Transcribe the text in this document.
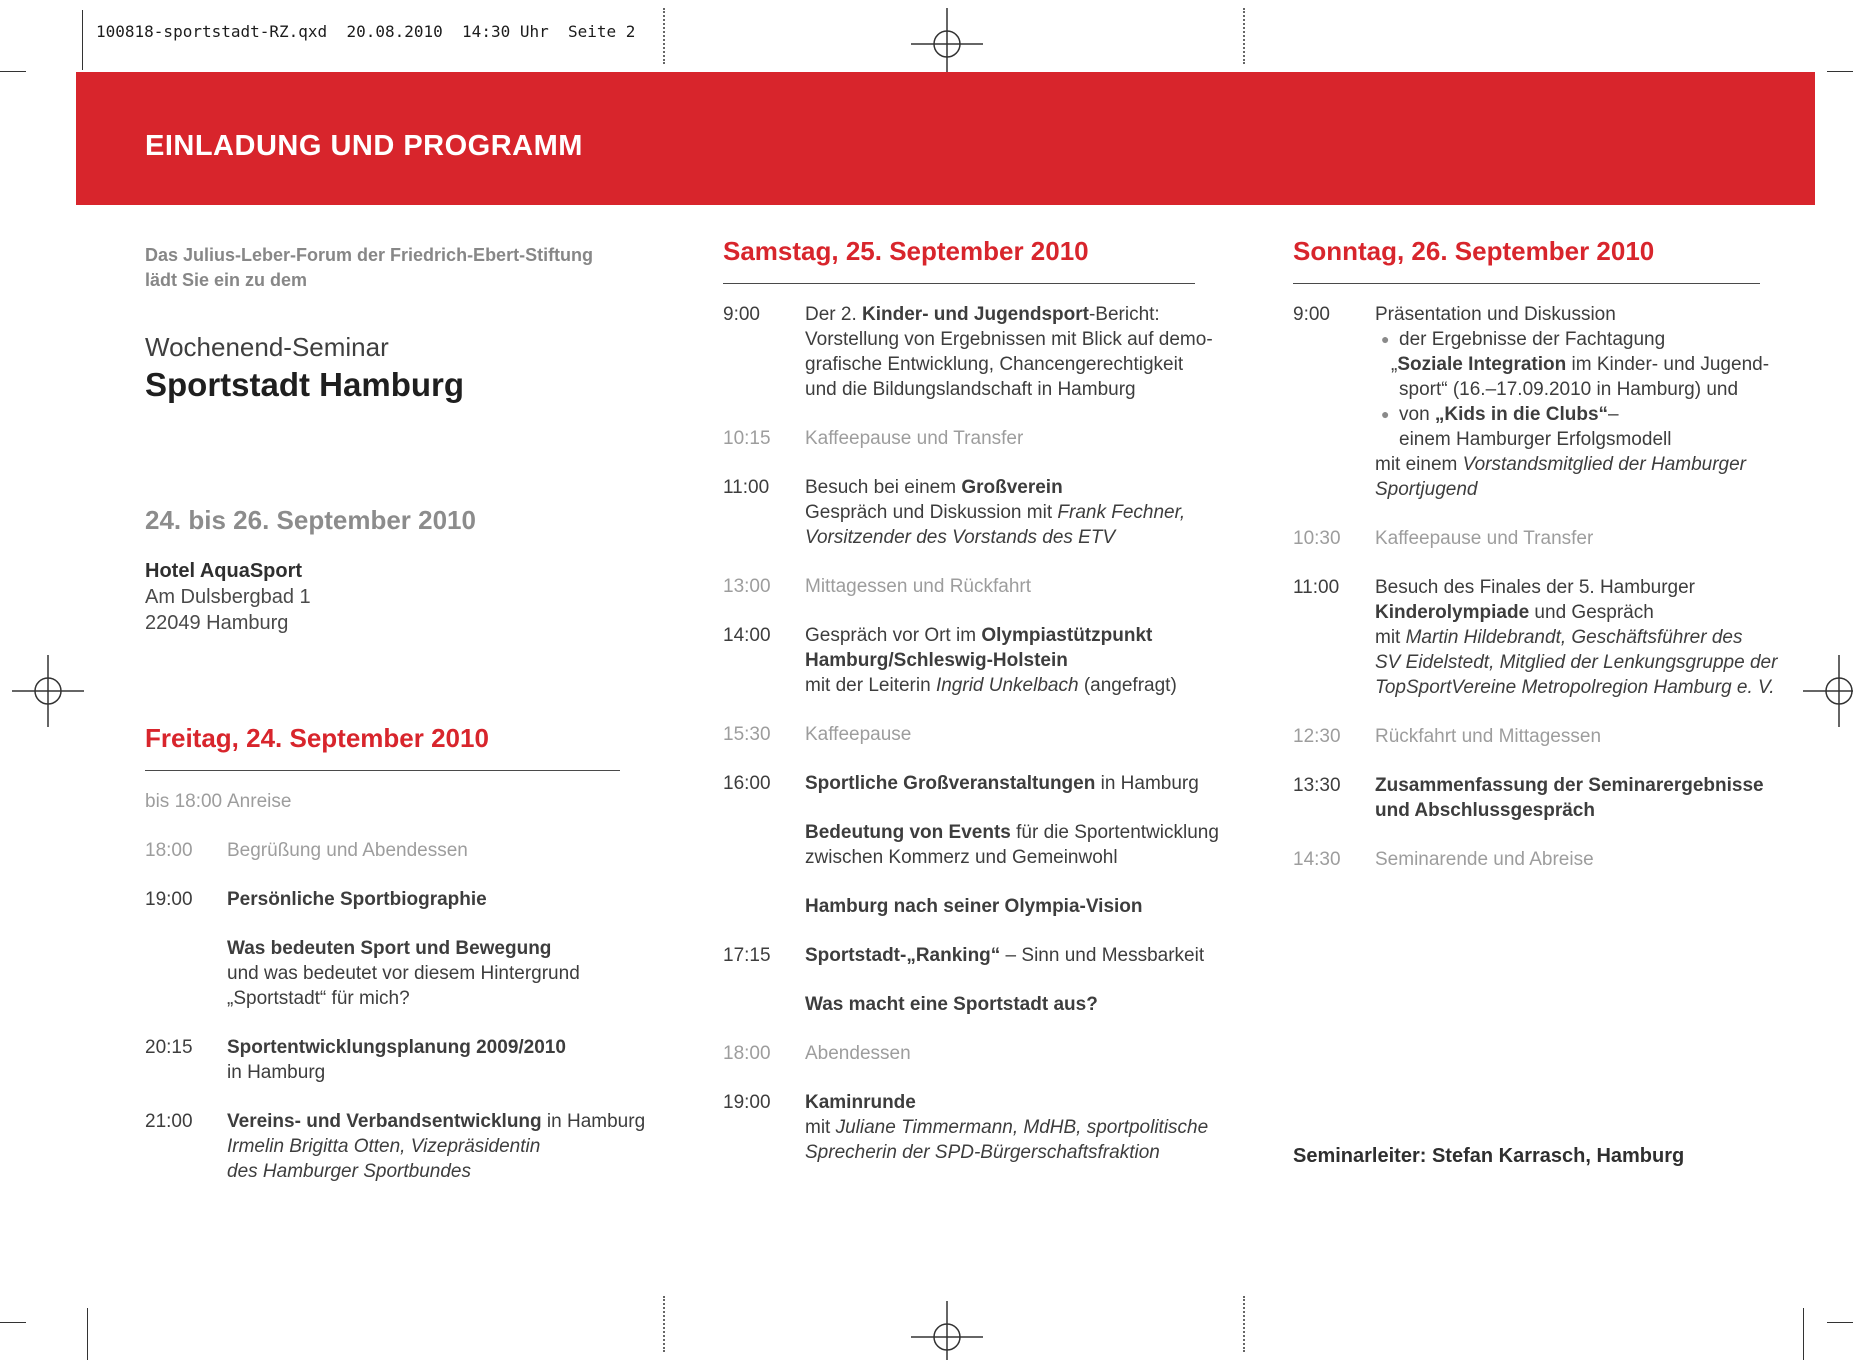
100818-sportstadt-RZ.qxd  20.08.2010  14:30 Uhr  Seite 2
EINLADUNG UND PROGRAMM
Das Julius-Leber-Forum der Friedrich-Ebert-Stiftung
lädt Sie ein zu dem
Wochenend-Seminar
Sportstadt Hamburg
24. bis 26. September 2010
Hotel AquaSport
Am Dulsbergbad 1
22049 Hamburg
Freitag, 24. September 2010
bis 18:00 Anreise
18:00	Begrüßung und Abendessen
19:00	Persönliche Sportbiographie
Was bedeuten Sport und Bewegung
und was bedeutet vor diesem Hintergrund
„Sportstadt“ für mich?
20:15	Sportentwicklungsplanung 2009/2010
in Hamburg
21:00	Vereins- und Verbandsentwicklung in Hamburg
Irmelin Brigitta Otten, Vizepräsidentin
des Hamburger Sportbundes
Samstag, 25. September 2010
9:00	Der 2. Kinder- und Jugendsport-Bericht:
Vorstellung von Ergebnissen mit Blick auf demo-
grafische Entwicklung, Chancengerechtigkeit
und die Bildungslandschaft in Hamburg
10:15	Kaffeepause und Transfer
11:00	Besuch bei einem Großverein
Gespräch und Diskussion mit Frank Fechner,
Vorsitzender des Vorstands des ETV
13:00	Mittagessen und Rückfahrt
14:00	Gespräch vor Ort im Olympiastützpunkt
Hamburg/Schleswig-Holstein
mit der Leiterin Ingrid Unkelbach (angefragt)
15:30	Kaffeepause
16:00	Sportliche Großveranstaltungen in Hamburg
Bedeutung von Events für die Sportentwicklung
zwischen Kommerz und Gemeinwohl
Hamburg nach seiner Olympia-Vision
17:15	Sportstadt-„Ranking“ – Sinn und Messbarkeit
Was macht eine Sportstadt aus?
18:00	Abendessen
19:00	Kaminrunde
mit Juliane Timmermann, MdHB, sportpolitische
Sprecherin der SPD-Bürgerschaftsfraktion
Sonntag, 26. September 2010
9:00	Präsentation und Diskussion
● der Ergebnisse der Fachtagung
„Soziale Integration im Kinder- und Jugend-
sport“ (16.–17.09.2010 in Hamburg) und
● von „Kids in die Clubs“–
einem Hamburger Erfolgsmodell
mit einem Vorstandsmitglied der Hamburger
Sportjugend
10:30	Kaffeepause und Transfer
11:00	Besuch des Finales der 5. Hamburger
Kinderolympiade und Gespräch
mit Martin Hildebrandt, Geschäftsführer des
SV Eidelstedt, Mitglied der Lenkungsgruppe der
TopSportVereine Metropolregion Hamburg e. V.
12:30	Rückfahrt und Mittagessen
13:30	Zusammenfassung der Seminarergebnisse
und Abschlussgespräch
14:30	Seminarende und Abreise
Seminarleiter: Stefan Karrasch, Hamburg
